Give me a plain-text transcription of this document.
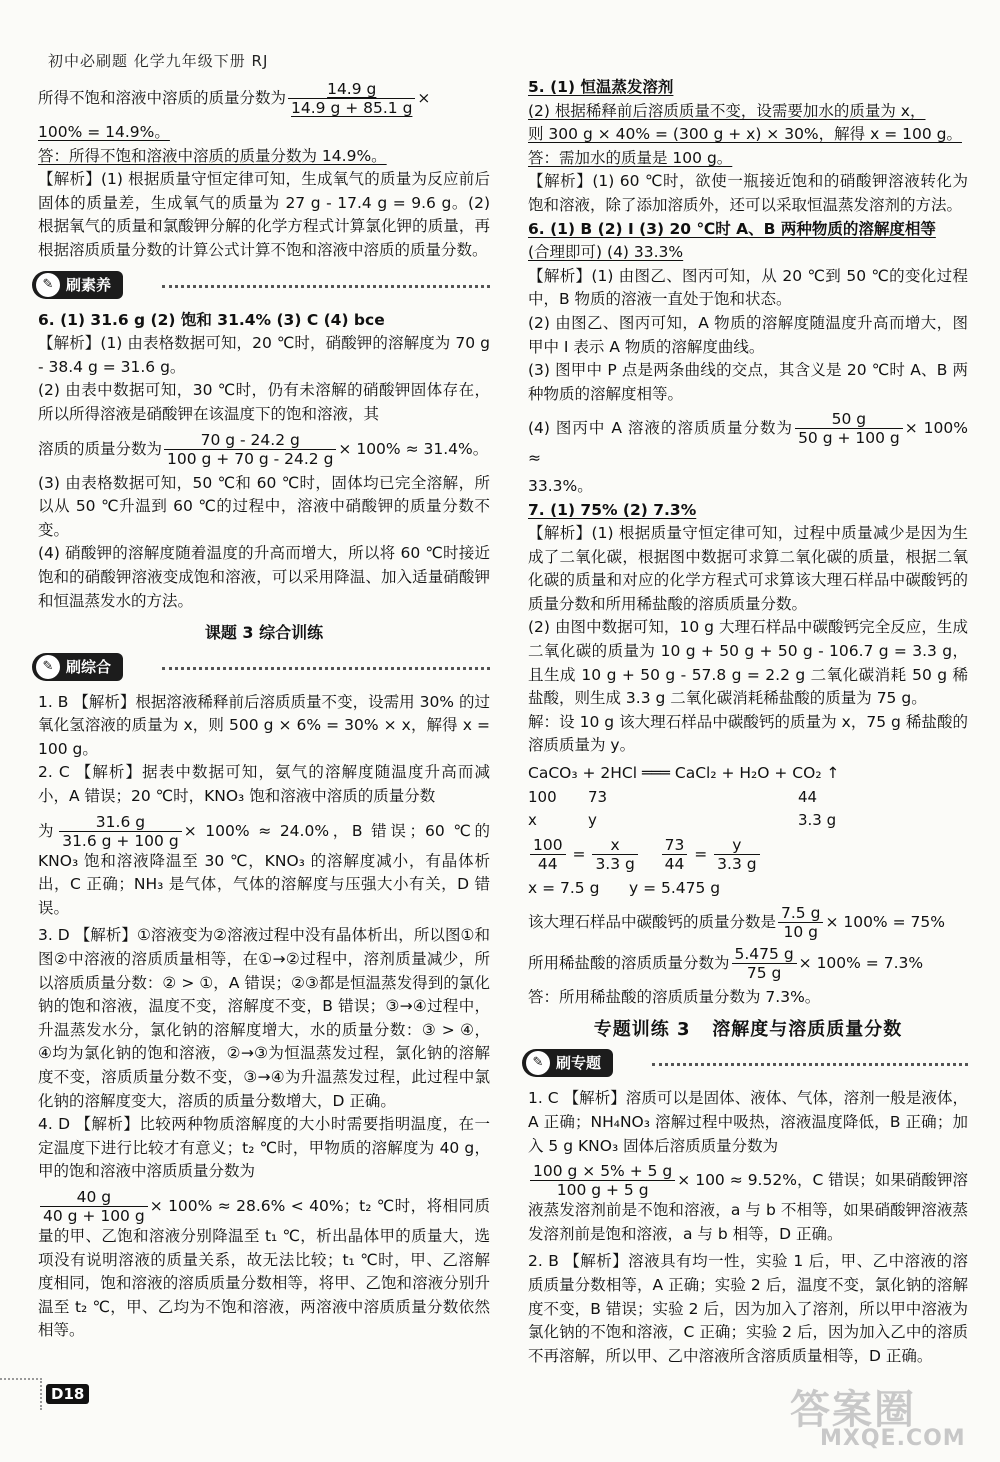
初中必刷题 化学九年级下册 RJ

所得不饱和溶液中溶质的质量分数为 $\frac{14.9 g}{14.9 g + 85.1 g}$ ×

100% = 14.9%。

答：所得不饱和溶液中溶质的质量分数为 14.9%。

【解析】(1) 根据质量守恒定律可知，生成氧气的质量为反应前后固体的质量差，生成氧气的质量为 27 g - 17.4 g = 9.6 g。(2) 根据氧气的质量和氯酸钾分解的化学方程式计算氯化钾的质量，再根据溶质质量分数的计算公式计算不饱和溶液中溶质的质量分数。

✎ 刷素养

6. (1) 31.6 g (2) 饱和 31.4% (3) C (4) bce

【解析】(1) 由表格数据可知，20 ℃时，硝酸钾的溶解度为 70 g - 38.4 g = 31.6 g。

(2) 由表中数据可知，30 ℃时，仍有未溶解的硝酸钾固体存在，所以所得溶液是硝酸钾在该温度下的饱和溶液，其

溶质的质量分数为 $\frac{70 g - 24.2 g}{100 g + 70 g - 24.2 g} \times 100\% \approx 31.4\%$。

(3) 由表格数据可知，50 ℃和 60 ℃时，固体均已完全溶解，所以从 50 ℃升温到 60 ℃的过程中，溶液中硝酸钾的质量分数不变。

(4) 硝酸钾的溶解度随着温度的升高而增大，所以将 60 ℃时接近饱和的硝酸钾溶液变成饱和溶液，可以采用降温、加入适量硝酸钾和恒温蒸发水的方法。

课题 3 综合训练
✎ 刷综合

1. B 【解析】根据溶液稀释前后溶质质量不变，设需用 30% 的过氧化氢溶液的质量为 x，则 500 g × 6% = 30% × x，解得 x = 100 g。

2. C 【解析】据表中数据可知，氨气的溶解度随温度升高而减小，A 错误；20 ℃时，KNO₃ 饱和溶液中溶质的质量分数

为 $\frac{31.6 g}{31.6 g + 100 g} \times 100\% \approx 24.0\%$，B 错误；60 ℃的 KNO₃ 饱和溶液降温至 30 ℃，KNO₃ 的溶解度减小，有晶体析出，C 正确；NH₃ 是气体，气体的溶解度与压强大小有关，D 错误。

3. D 【解析】①溶液变为②溶液过程中没有晶体析出，所以图①和图②中溶液的溶质质量相等，在①→②过程中，溶剂质量减少，所以溶质质量分数：② > ①，A 错误；②③都是恒温蒸发得到的氯化钠的饱和溶液，温度不变，溶解度不变，B 错误；③→④过程中，升温蒸发水分，氯化钠的溶解度增大，水的质量分数：③ > ④，④均为氯化钠的饱和溶液，②→③为恒温蒸发过程，氯化钠的溶解度不变，溶质质量分数不变，③→④为升温蒸发过程，此过程中氯化钠的溶解度变大，溶质的质量分数增大，D 正确。

4. D 【解析】比较两种物质溶解度的大小时需要指明温度，在一定温度下进行比较才有意义；t₂ ℃时，甲物质的溶解度为 40 g，甲的饱和溶液中溶质质量分数为

$\frac{40 g}{40 g + 100 g} \times 100\% \approx 28.6\% < 40\%$；t₂ ℃时，将相同质量的甲、乙饱和溶液分别降温至 t₁ ℃，析出晶体甲的质量大，选项没有说明溶液的质量关系，故无法比较；t₁ ℃时，甲、乙溶解度相同，饱和溶液的溶质质量分数相等，将甲、乙饱和溶液分别升温至 t₂ ℃，甲、乙均为不饱和溶液，两溶液中溶质质量分数依然相等。

5. (1) 恒温蒸发溶剂

(2) 根据稀释前后溶质质量不变，设需要加水的质量为 x，

则 300 g × 40% = (300 g + x) × 30%，解得 x = 100 g。

答：需加水的质量是 100 g。

【解析】(1) 60 ℃时，欲使一瓶接近饱和的硝酸钾溶液转化为饱和溶液，除了添加溶质外，还可以采取恒温蒸发溶剂的方法。

6. (1) B (2) Ⅰ (3) 20 ℃时 A、B 两种物质的溶解度相等

(合理即可) (4) 33.3%

【解析】(1) 由图乙、图丙可知，从 20 ℃到 50 ℃的变化过程中，B 物质的溶液一直处于饱和状态。

(2) 由图乙、图丙可知，A 物质的溶解度随温度升高而增大，图甲中 Ⅰ 表示 A 物质的溶解度曲线。

(3) 图甲中 P 点是两条曲线的交点，其含义是 20 ℃时 A、B 两种物质的溶解度相等。

(4) 图丙中 A 溶液的溶质质量分数为 $\frac{50 g}{50 g + 100 g} \times 100\%$ ≈

33.3%。

7. (1) 75% (2) 7.3%

【解析】(1) 根据质量守恒定律可知，过程中质量减少是因为生成了二氧化碳，根据图中数据可求算二氧化碳的质量，根据二氧化碳的质量和对应的化学方程式可求算该大理石样品中碳酸钙的质量分数和所用稀盐酸的溶质质量分数。

(2) 由图中数据可知，10 g 大理石样品中碳酸钙完全反应，生成二氧化碳的质量为 10 g + 50 g + 50 g - 106.7 g = 3.3 g，且生成 10 g + 50 g - 57.8 g = 2.2 g 二氧化碳消耗 50 g 稀盐酸，则生成 3.3 g 二氧化碳消耗稀盐酸的质量为 75 g。

解：设 10 g 该大理石样品中碳酸钙的质量为 x，75 g 稀盐酸的溶质质量为 y。

CaCO₃ + 2HCl ═══ CaCl₂ + H₂O + CO₂ ↑

100	73	44
x	y	3.3 g

$\frac{100}{44} = \frac{x}{3.3 g}$
$\frac{73}{44} = \frac{y}{3.3 g}$

x = 7.5 g      y = 5.475 g

该大理石样品中碳酸钙的质量分数是 $\frac{7.5 g}{10 g} \times 100\% = 75\%$

所用稀盐酸的溶质质量分数为 $\frac{5.475 g}{75 g} \times 100\% = 7.3\%$

答：所用稀盐酸的溶质质量分数为 7.3%。

专题训练 3   溶解度与溶质质量分数
✎ 刷专题

1. C 【解析】溶质可以是固体、液体、气体，溶剂一般是液体，A 正确；NH₄NO₃ 溶解过程中吸热，溶液温度降低，B 正确；加入 5 g KNO₃ 固体后溶质质量分数为

$\frac{100 g \times 5\% + 5 g}{100 g + 5 g} \times 100 \approx 9.52\%$，C 错误；如果硝酸钾溶液蒸发溶剂前是不饱和溶液，a 与 b 不相等，如果硝酸钾溶液蒸发溶剂前是饱和溶液，a 与 b 相等，D 正确。

2. B 【解析】溶液具有均一性，实验 1 后，甲、乙中溶液的溶质质量分数相等，A 正确；实验 2 后，温度不变，氯化钠的溶解度不变，B 错误；实验 2 后，因为加入了溶剂，所以甲中溶液为氯化钠的不饱和溶液，C 正确；实验 2 后，因为加入乙中的溶质不再溶解，所以甲、乙中溶液所含溶质质量相等，D 正确。

D18	答案圈
MXQE.COM
